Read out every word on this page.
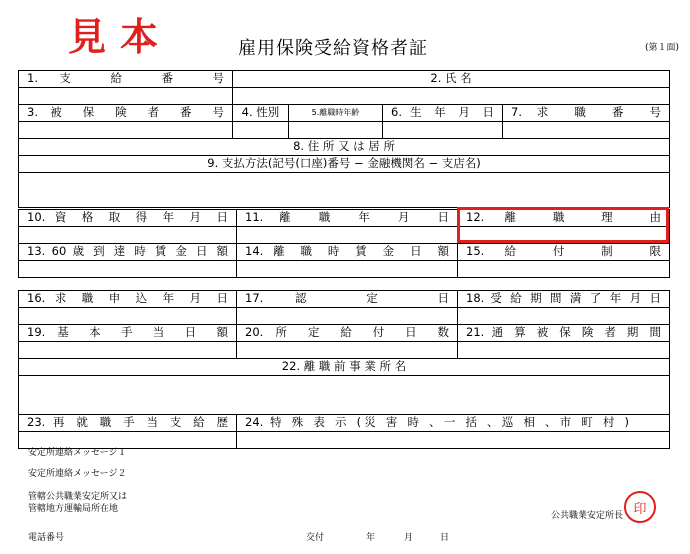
見本	雇用保険受給資格者証	(第１面)
1. 支 給 番 号	2. 氏 名			

3. 被 保 険 者 番 号	4. 性別	5.離職時年齢	6. 生 年 月 日	7. 求 職 番 号

8. 住 所 又 は 居 所				
9. 支払方法(記号(口座)番号 − 金融機関名 − 支店名)				

10. 資 格 取 得 年 月 日	11. 離 職 年 月 日	12. 離 職 理 由

13. 60 歳 到 達 時 賃 金 日 額	14. 離 職 時 賃 金 日 額	15. 給 付 制 限

16. 求 職 申 込 年 月 日	17. 認 定 日	18. 受 給 期 間 満 了 年 月 日

19. 基 本 手 当 日 額	20. 所 定 給 付 日 数	21. 通 算 被 保 険 者 期 間

22. 離 職 前 事 業 所 名		

23. 再 就 職 手 当 支 給 歴	24. 特 殊 表 示 (災 害 時 、一 括 、巡 相 、市 町 村 )	

安定所連絡メッセージ１
安定所連絡メッセージ２
管轄公共職業安定所又は
管轄地方運輸局所在地
電話番号	交付	年	月	日
公共職業安定所長 印
